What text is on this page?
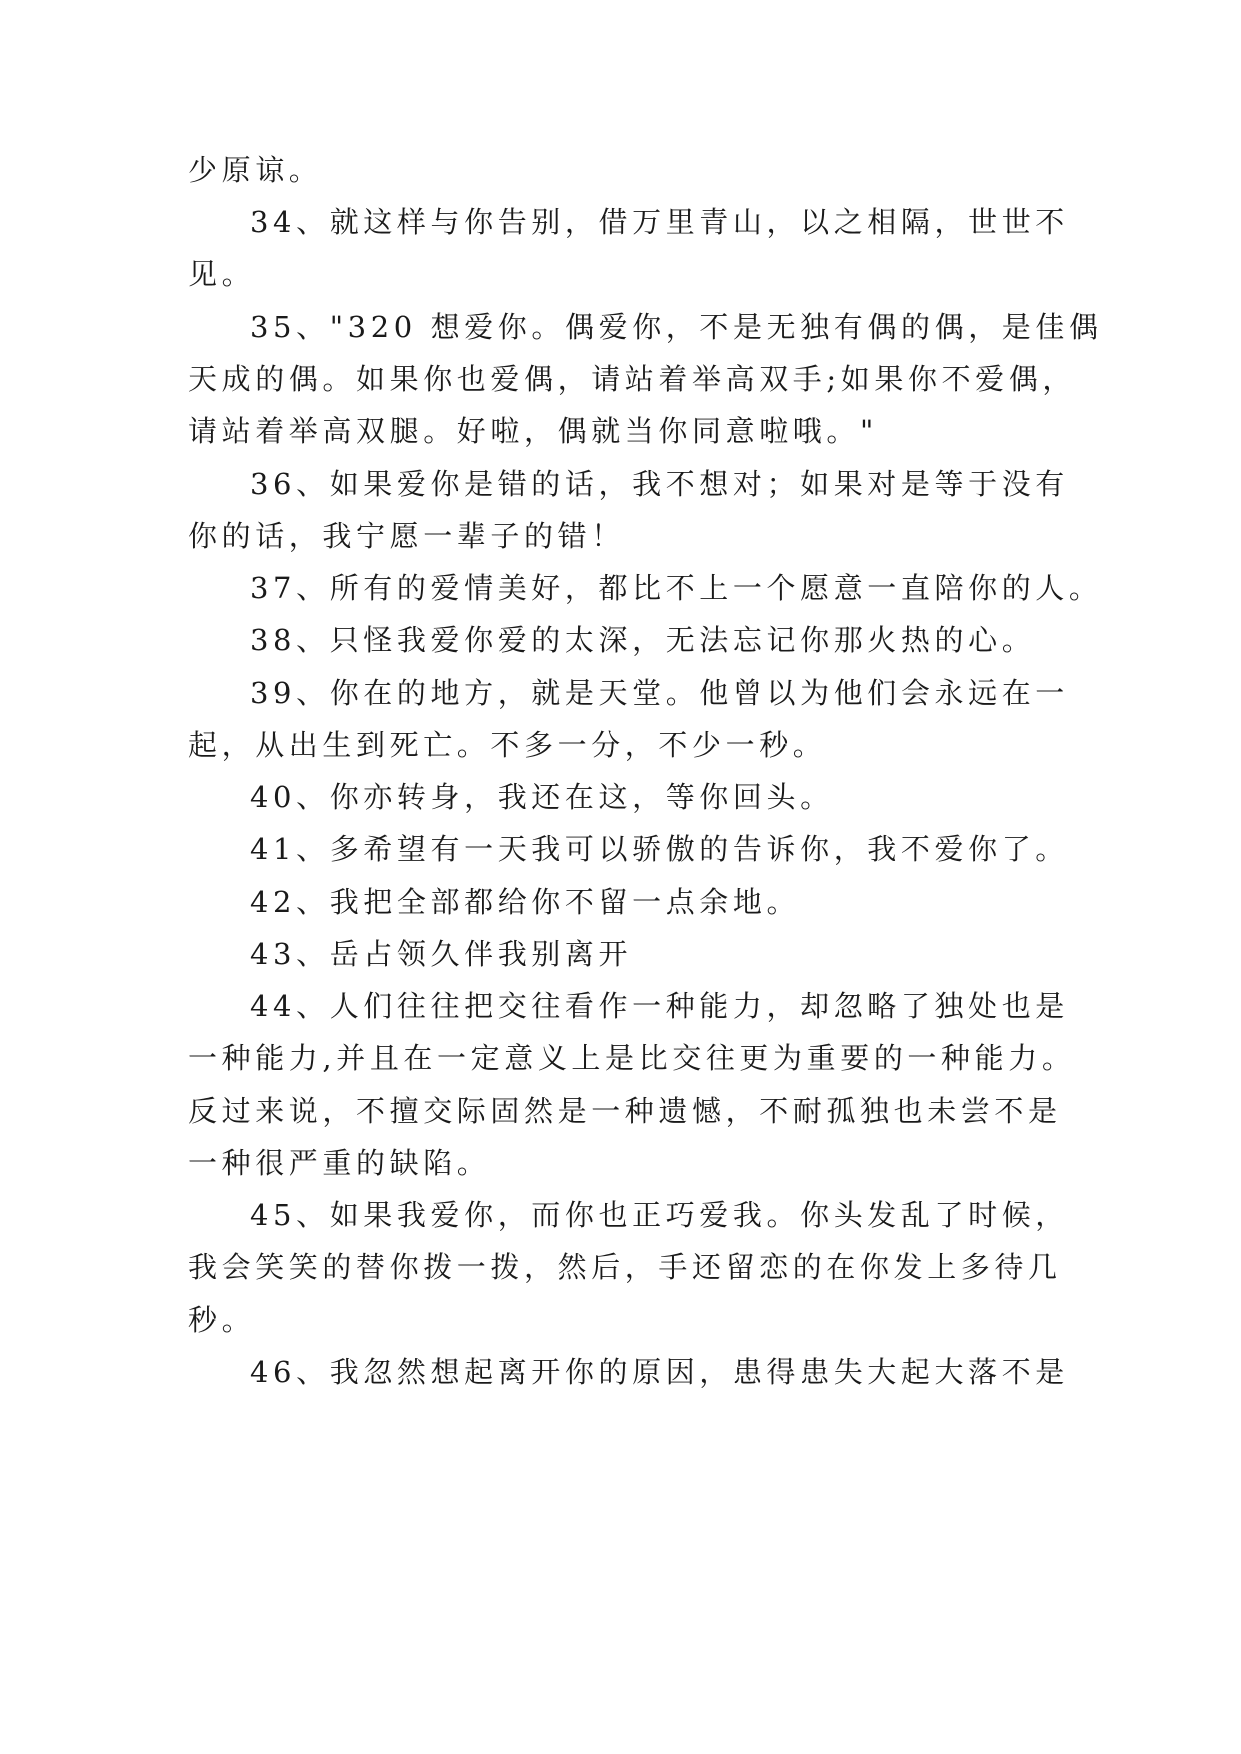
少原谅。

34、就这样与你告别，借万里青山，以之相隔，世世不

见。

35、"320 想爱你。偶爱你，不是无独有偶的偶，是佳偶

天成的偶。如果你也爱偶，请站着举高双手;如果你不爱偶，

请站着举高双腿。好啦，偶就当你同意啦哦。"

36、如果爱你是错的话，我不想对；如果对是等于没有

你的话，我宁愿一辈子的错！

37、所有的爱情美好，都比不上一个愿意一直陪你的人。

38、只怪我爱你爱的太深，无法忘记你那火热的心。

39、你在的地方，就是天堂。他曾以为他们会永远在一

起，从出生到死亡。不多一分，不少一秒。

40、你亦转身，我还在这，等你回头。

41、多希望有一天我可以骄傲的告诉你，我不爱你了。

42、我把全部都给你不留一点余地。

43、岳占领久伴我别离开

44、人们往往把交往看作一种能力，却忽略了独处也是

一种能力,并且在一定意义上是比交往更为重要的一种能力。

反过来说，不擅交际固然是一种遗憾，不耐孤独也未尝不是

一种很严重的缺陷。

45、如果我爱你，而你也正巧爱我。你头发乱了时候，

我会笑笑的替你拨一拨，然后，手还留恋的在你发上多待几

秒。

46、我忽然想起离开你的原因，患得患失大起大落不是
